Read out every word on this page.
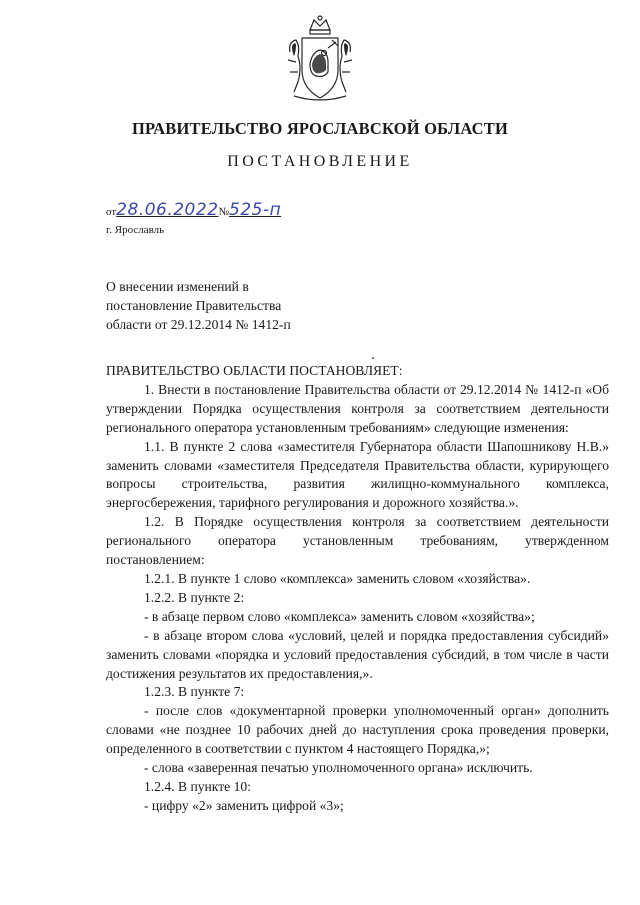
ПРАВИТЕЛЬСТВО ЯРОСЛАВСКОЙ ОБЛАСТИ
ПОСТАНОВЛЕНИЕ
от28.06.2022№525-п
г. Ярославль
О внесении изменений в
постановление Правительства
области от 29.12.2014 № 1412-п

ПРАВИТЕЛЬСТВО ОБЛАСТИ ПОСТАНОВЛЯЕТ:

1. Внести в постановление Правительства области от 29.12.2014 № 1412-п «Об утверждении Порядка осуществления контроля за соответствием деятельности регионального оператора установленным требованиям» следующие изменения:

1.1. В пункте 2 слова «заместителя Губернатора области Шапошникову Н.В.» заменить словами «заместителя Председателя Правительства области, курирующего вопросы строительства, развития жилищно-коммунального комплекса, энергосбережения, тарифного регулирования и дорожного хозяйства.».

1.2. В Порядке осуществления контроля за соответствием деятельности регионального оператора установленным требованиям, утвержденном постановлением:

1.2.1. В пункте 1 слово «комплекса» заменить словом «хозяйства».

1.2.2. В пункте 2:

- в абзаце первом слово «комплекса» заменить словом «хозяйства»;

- в абзаце втором слова «условий, целей и порядка предоставления субсидий» заменить словами «порядка и условий предоставления субсидий, в том числе в части достижения результатов их предоставления,».

1.2.3. В пункте 7:

- после слов «документарной проверки уполномоченный орган» дополнить словами «не позднее 10 рабочих дней до наступления срока проведения проверки, определенного в соответствии с пунктом 4 настоящего Порядка,»;

- слова «заверенная печатью уполномоченного органа» исключить.

1.2.4. В пункте 10:

- цифру «2» заменить цифрой «3»;
